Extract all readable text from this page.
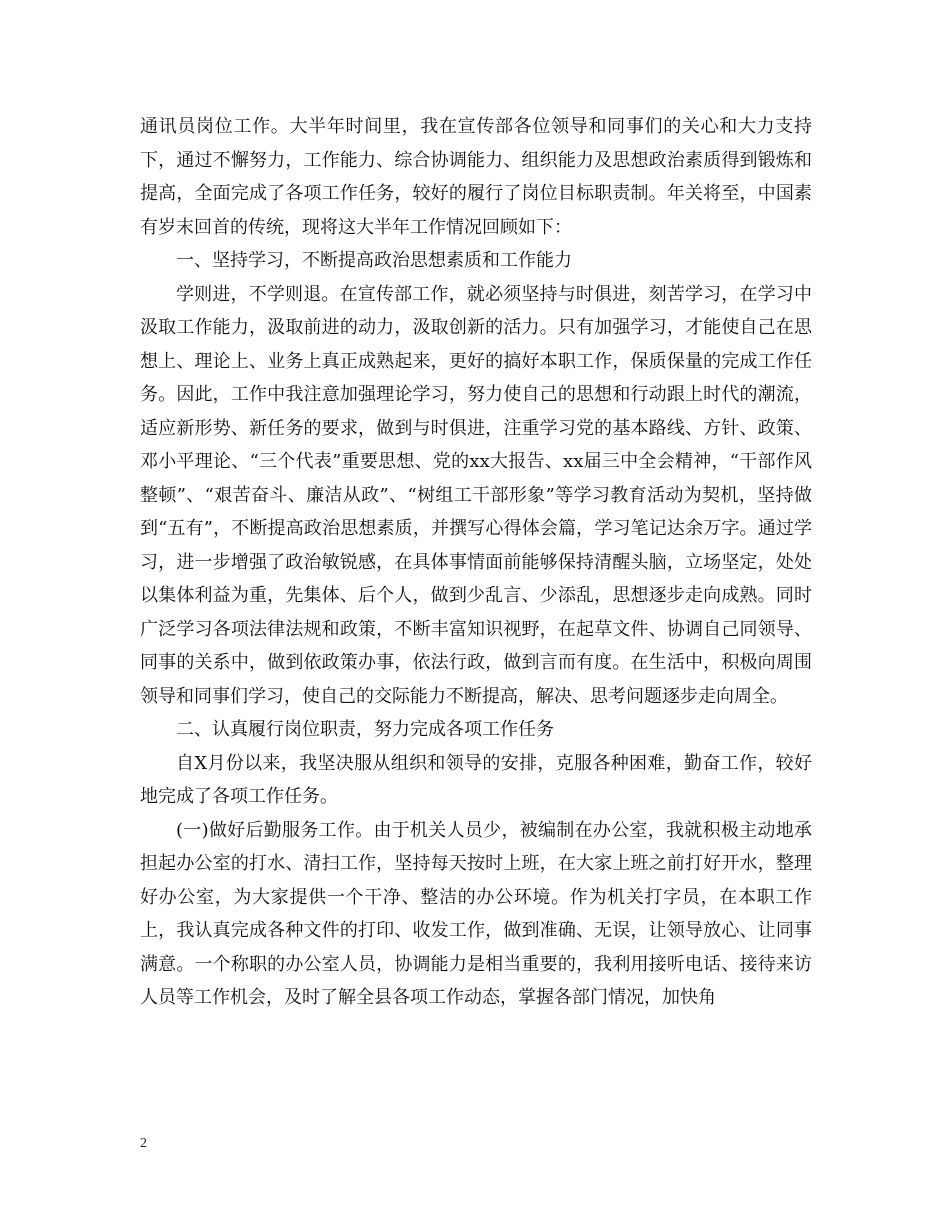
通讯员岗位工作。大半年时间里，我在宣传部各位领导和同事们的关心和大力支持下，通过不懈努力，工作能力、综合协调能力、组织能力及思想政治素质得到锻炼和提高，全面完成了各项工作任务，较好的履行了岗位目标职责制。年关将至，中国素有岁末回首的传统，现将这大半年工作情况回顾如下：

一、坚持学习，不断提高政治思想素质和工作能力

学则进，不学则退。在宣传部工作，就必须坚持与时俱进，刻苦学习，在学习中汲取工作能力，汲取前进的动力，汲取创新的活力。只有加强学习，才能使自己在思想上、理论上、业务上真正成熟起来，更好的搞好本职工作，保质保量的完成工作任务。因此，工作中我注意加强理论学习，努力使自己的思想和行动跟上时代的潮流，适应新形势、新任务的要求，做到与时俱进，注重学习党的基本路线、方针、政策、邓小平理论、“三个代表”重要思想、党的xx大报告、xx届三中全会精神，“干部作风整顿”、“艰苦奋斗、廉洁从政”、“树组工干部形象”等学习教育活动为契机，坚持做到“五有”，不断提高政治思想素质，并撰写心得体会篇，学习笔记达余万字。通过学习，进一步增强了政治敏锐感，在具体事情面前能够保持清醒头脑，立场坚定，处处以集体利益为重，先集体、后个人，做到少乱言、少添乱，思想逐步走向成熟。同时广泛学习各项法律法规和政策，不断丰富知识视野，在起草文件、协调自己同领导、同事的关系中，做到依政策办事，依法行政，做到言而有度。在生活中，积极向周围领导和同事们学习，使自己的交际能力不断提高，解决、思考问题逐步走向周全。

二、认真履行岗位职责，努力完成各项工作任务

自X月份以来，我坚决服从组织和领导的安排，克服各种困难，勤奋工作，较好地完成了各项工作任务。

(一)做好后勤服务工作。由于机关人员少，被编制在办公室，我就积极主动地承担起办公室的打水、清扫工作，坚持每天按时上班，在大家上班之前打好开水，整理好办公室，为大家提供一个干净、整洁的办公环境。作为机关打字员，在本职工作上，我认真完成各种文件的打印、收发工作，做到准确、无误，让领导放心、让同事满意。一个称职的办公室人员，协调能力是相当重要的，我利用接听电话、接待来访人员等工作机会，及时了解全县各项工作动态，掌握各部门情况，加快角

2
